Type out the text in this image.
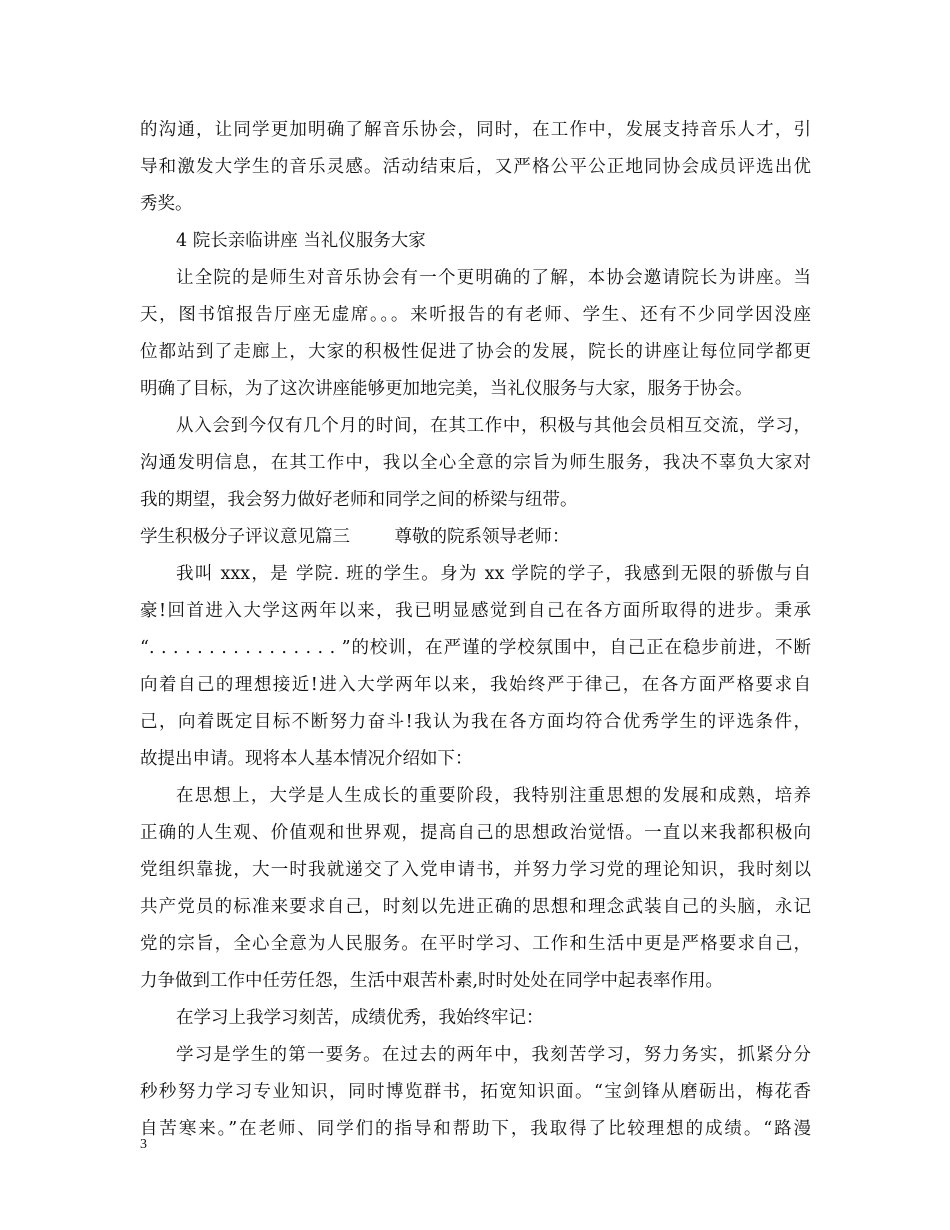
的沟通，让同学更加明确了解音乐协会，同时，在工作中，发展支持音乐人才，引
导和激发大学生的音乐灵感。活动结束后，又严格公平公正地同协会成员评选出优
秀奖。
4 院长亲临讲座 当礼仪服务大家
让全院的是师生对音乐协会有一个更明确的了解，本协会邀请院长为讲座。当
天，图书馆报告厅座无虚席。。。来听报告的有老师、学生、还有不少同学因没座
位都站到了走廊上，大家的积极性促进了协会的发展，院长的讲座让每位同学都更
明确了目标，为了这次讲座能够更加地完美，当礼仪服务与大家，服务于协会。
从入会到今仅有几个月的时间，在其工作中，积极与其他会员相互交流，学习，
沟通发明信息，在其工作中，我以全心全意的宗旨为师生服务，我决不辜负大家对
我的期望，我会努力做好老师和同学之间的桥梁与纽带。
学生积极分子评议意见篇三        尊敬的院系领导老师：
我叫 xxx，是 学院. 班的学生。身为 xx 学院的学子，我感到无限的骄傲与自
豪!回首进入大学这两年以来，我已明显感觉到自己在各方面所取得的进步。秉承
“. . . . . . . . . . . . . . . . ”的校训，在严谨的学校氛围中，自己正在稳步前进，不断
向着自己的理想接近!进入大学两年以来，我始终严于律己，在各方面严格要求自
己，向着既定目标不断努力奋斗!我认为我在各方面均符合优秀学生的评选条件，
故提出申请。现将本人基本情况介绍如下：
在思想上，大学是人生成长的重要阶段，我特别注重思想的发展和成熟，培养
正确的人生观、价值观和世界观，提高自己的思想政治觉悟。一直以来我都积极向
党组织靠拢，大一时我就递交了入党申请书，并努力学习党的理论知识，我时刻以
共产党员的标准来要求自己，时刻以先进正确的思想和理念武装自己的头脑，永记
党的宗旨，全心全意为人民服务。在平时学习、工作和生活中更是严格要求自己，
力争做到工作中任劳任怨，生活中艰苦朴素,时时处处在同学中起表率作用。
在学习上我学习刻苦，成绩优秀，我始终牢记：
学习是学生的第一要务。在过去的两年中，我刻苦学习，努力务实，抓紧分分
秒秒努力学习专业知识，同时博览群书，拓宽知识面。“宝剑锋从磨砺出，梅花香
自苦寒来。”在老师、同学们的指导和帮助下，我取得了比较理想的成绩。“路漫
3
